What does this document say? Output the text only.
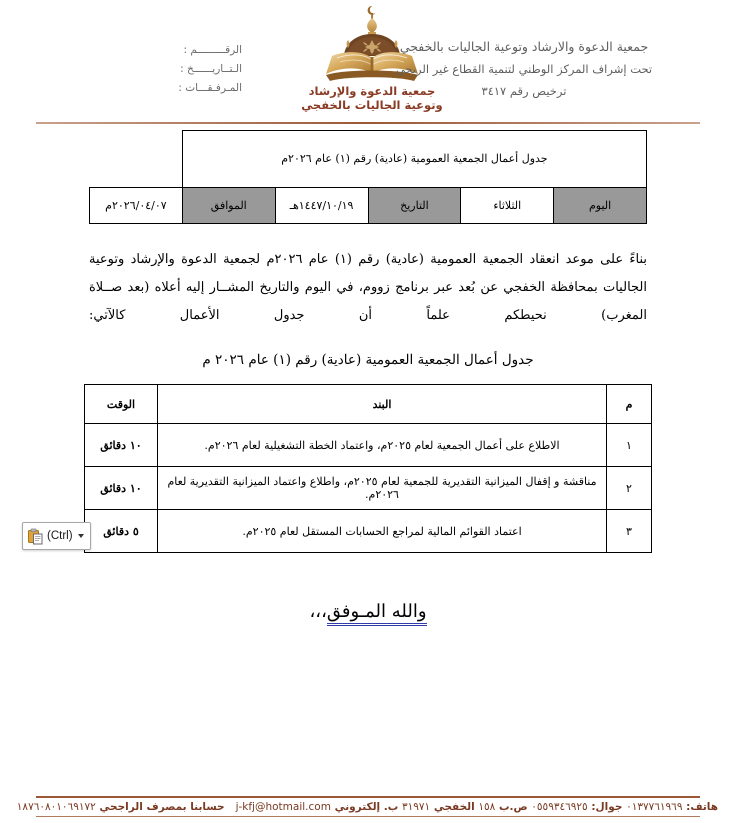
الرقـــــــــم :
الـتــاريــــــخ :
المـرفـقـــات :	جمعية الدعوة والإرشاد
وتوعية الجاليات بالخفجي
جمعية الدعوة والارشاد وتوعية الجاليات بالخفجي
تحت إشراف المركز الوطني لتنمية القطاع غير الربحي
ترخيص رقم ٣٤١٧
جدول أعمال الجمعية العمومية (عادية) رقم (١) عام ٢٠٢٦م
اليوم	الثلاثاء	التاريخ	١٤٤٧/١٠/١٩هـ	الموافق	٢٠٢٦/٠٤/٠٧م
بناءً على موعد انعقاد الجمعية العمومية (عادية) رقم (١) عام ٢٠٢٦م لجمعية الدعوة والإرشاد وتوعية الجاليات بمحافظة الخفجي عن بُعد عبر برنامج زووم، في اليوم والتاريخ المشــار إليه أعلاه (بعد صــلاة المغرب) نحيطكم علماً أن جدول الأعمال كالآتي:
جدول أعمال الجمعية العمومية (عادية) رقم (١) عام ٢٠٢٦ م
م	البند	الوقت
١	الاطلاع على أعمال الجمعية لعام ٢٠٢٥م، واعتماد الخطة التشغيلية لعام ٢٠٢٦م.	١٠ دقائق
٢	مناقشة و إقفال الميزانية التقديرية للجمعية لعام ٢٠٢٥م، واطلاع واعتماد الميزانية التقديرية لعام ٢٠٢٦م.	١٠ دقائق
٣	اعتماد القوائم المالية لمراجع الحسابات المستقل لعام ٢٠٢٥م.	٥ دقائق
والله المـوفق،،،
(Ctrl)
هاتف: ٠١٣٧٧٦١٩٦٩ جوال: ٠٥٥٩٣٤٦٩٢٥ ص.ب ١٥٨ الخفجي ٣١٩٧١ ب. إلكتروني j-kfj@hotmail.com   حسابنا بمصرف الراجحي ١٨٧٦٠٨٠١٠٦٩١٧٢
